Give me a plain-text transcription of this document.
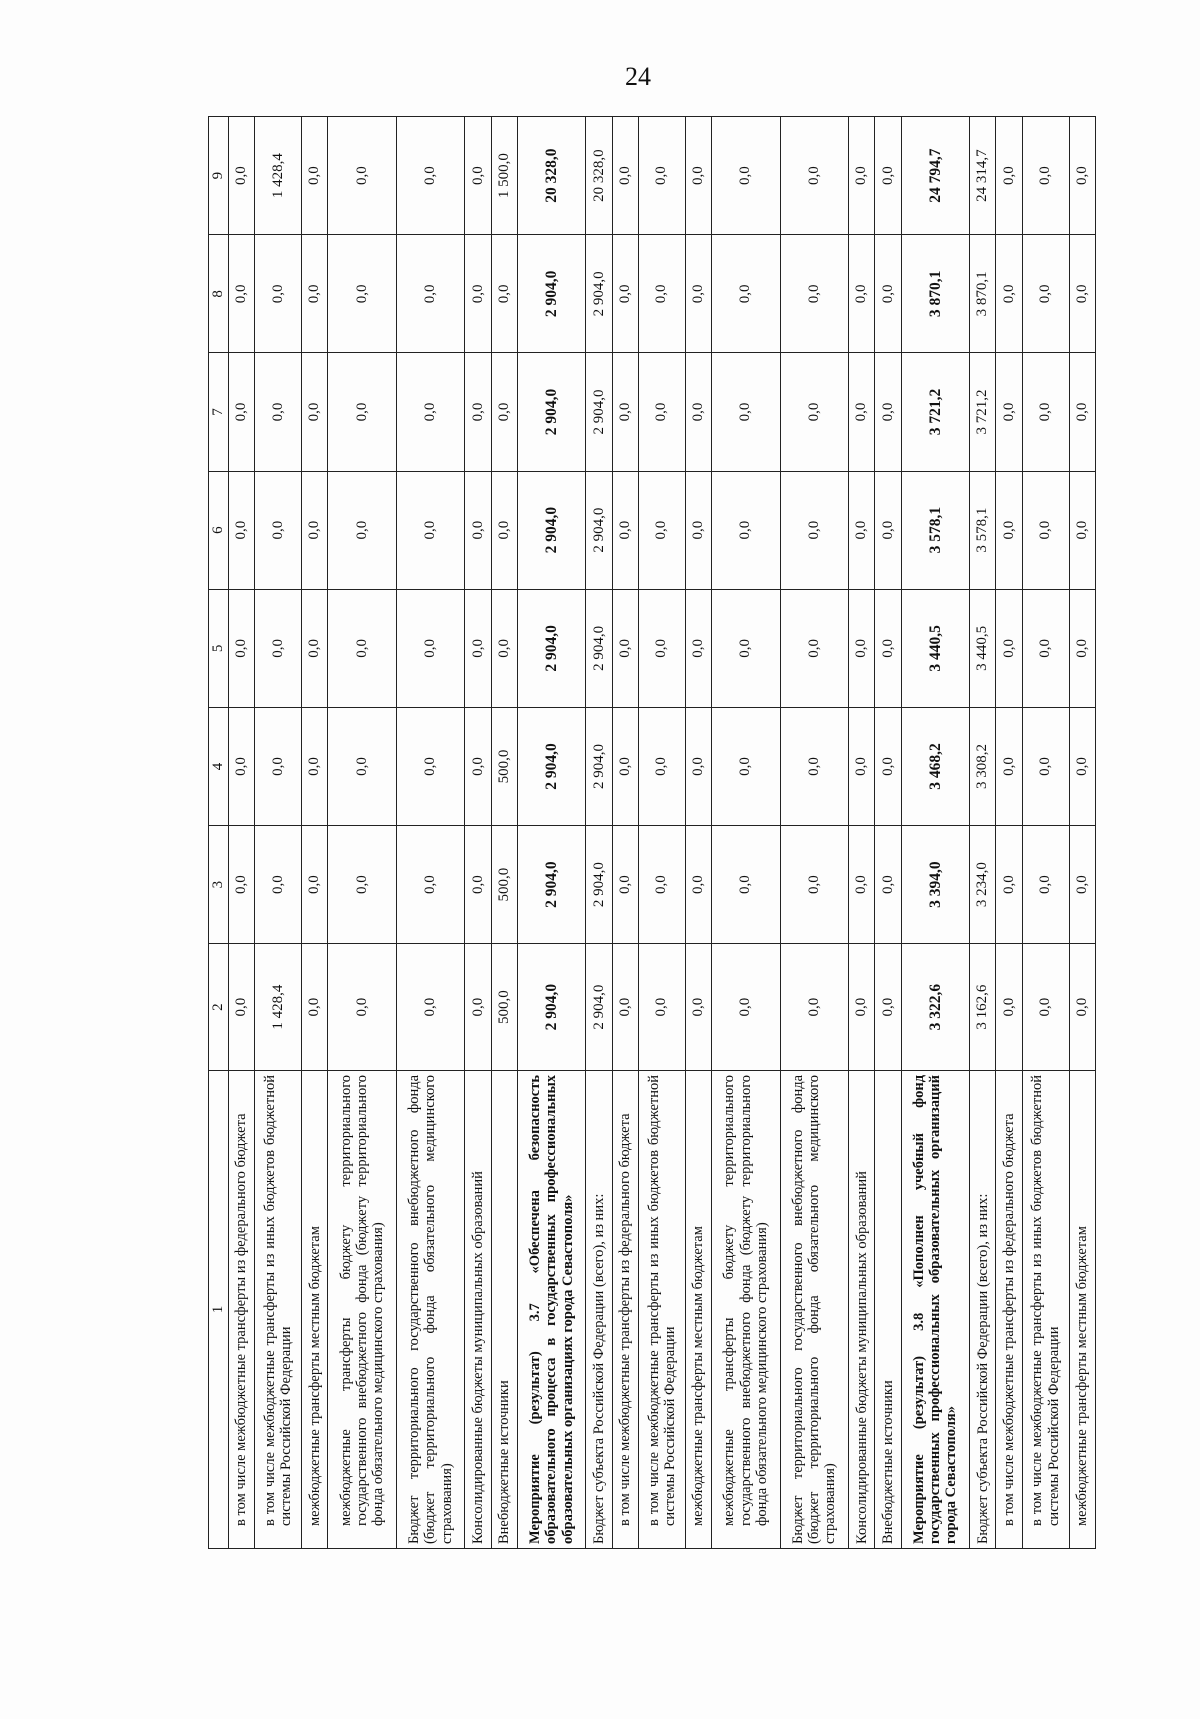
24
1	2	3	4	5	6	7	8	9
в том числе межбюджетные трансферты из федерального бюджета	0,0	0,0	0,0	0,0	0,0	0,0	0,0	0,0
в том числе межбюджетные трансферты из иных бюджетов бюджетной системы Российской Федерации	1 428,4	0,0	0,0	0,0	0,0	0,0	0,0	1 428,4
межбюджетные трансферты местным бюджетам	0,0	0,0	0,0	0,0	0,0	0,0	0,0	0,0
межбюджетные трансферты бюджету территориального государственного внебюджетного фонда (бюджету территориального фонда обязательного медицинского страхования)	0,0	0,0	0,0	0,0	0,0	0,0	0,0	0,0
Бюджет территориального государственного внебюджетного фонда (бюджет территориального фонда обязательного медицинского страхования)	0,0	0,0	0,0	0,0	0,0	0,0	0,0	0,0
Консолидированные бюджеты муниципальных образований	0,0	0,0	0,0	0,0	0,0	0,0	0,0	0,0
Внебюджетные источники	500,0	500,0	500,0	0,0	0,0	0,0	0,0	1 500,0
Мероприятие (результат) 3.7 «Обеспечена безопасность образовательного процесса в государственных профессиональных образовательных организациях города Севастополя»	2 904,0	2 904,0	2 904,0	2 904,0	2 904,0	2 904,0	2 904,0	20 328,0
Бюджет субъекта Российской Федерации (всего), из них:	2 904,0	2 904,0	2 904,0	2 904,0	2 904,0	2 904,0	2 904,0	20 328,0
в том числе межбюджетные трансферты из федерального бюджета	0,0	0,0	0,0	0,0	0,0	0,0	0,0	0,0
в том числе межбюджетные трансферты из иных бюджетов бюджетной системы Российской Федерации	0,0	0,0	0,0	0,0	0,0	0,0	0,0	0,0
межбюджетные трансферты местным бюджетам	0,0	0,0	0,0	0,0	0,0	0,0	0,0	0,0
межбюджетные трансферты бюджету территориального государственного внебюджетного фонда (бюджету территориального фонда обязательного медицинского страхования)	0,0	0,0	0,0	0,0	0,0	0,0	0,0	0,0
Бюджет территориального государственного внебюджетного фонда (бюджет территориального фонда обязательного медицинского страхования)	0,0	0,0	0,0	0,0	0,0	0,0	0,0	0,0
Консолидированные бюджеты муниципальных образований	0,0	0,0	0,0	0,0	0,0	0,0	0,0	0,0
Внебюджетные источники	0,0	0,0	0,0	0,0	0,0	0,0	0,0	0,0
Мероприятие (результат) 3.8 «Пополнен учебный фонд государственных профессиональных образовательных организаций города Севастополя»	3 322,6	3 394,0	3 468,2	3 440,5	3 578,1	3 721,2	3 870,1	24 794,7
Бюджет субъекта Российской Федерации (всего), из них:	3 162,6	3 234,0	3 308,2	3 440,5	3 578,1	3 721,2	3 870,1	24 314,7
в том числе межбюджетные трансферты из федерального бюджета	0,0	0,0	0,0	0,0	0,0	0,0	0,0	0,0
в том числе межбюджетные трансферты из иных бюджетов бюджетной системы Российской Федерации	0,0	0,0	0,0	0,0	0,0	0,0	0,0	0,0
межбюджетные трансферты местным бюджетам	0,0	0,0	0,0	0,0	0,0	0,0	0,0	0,0
